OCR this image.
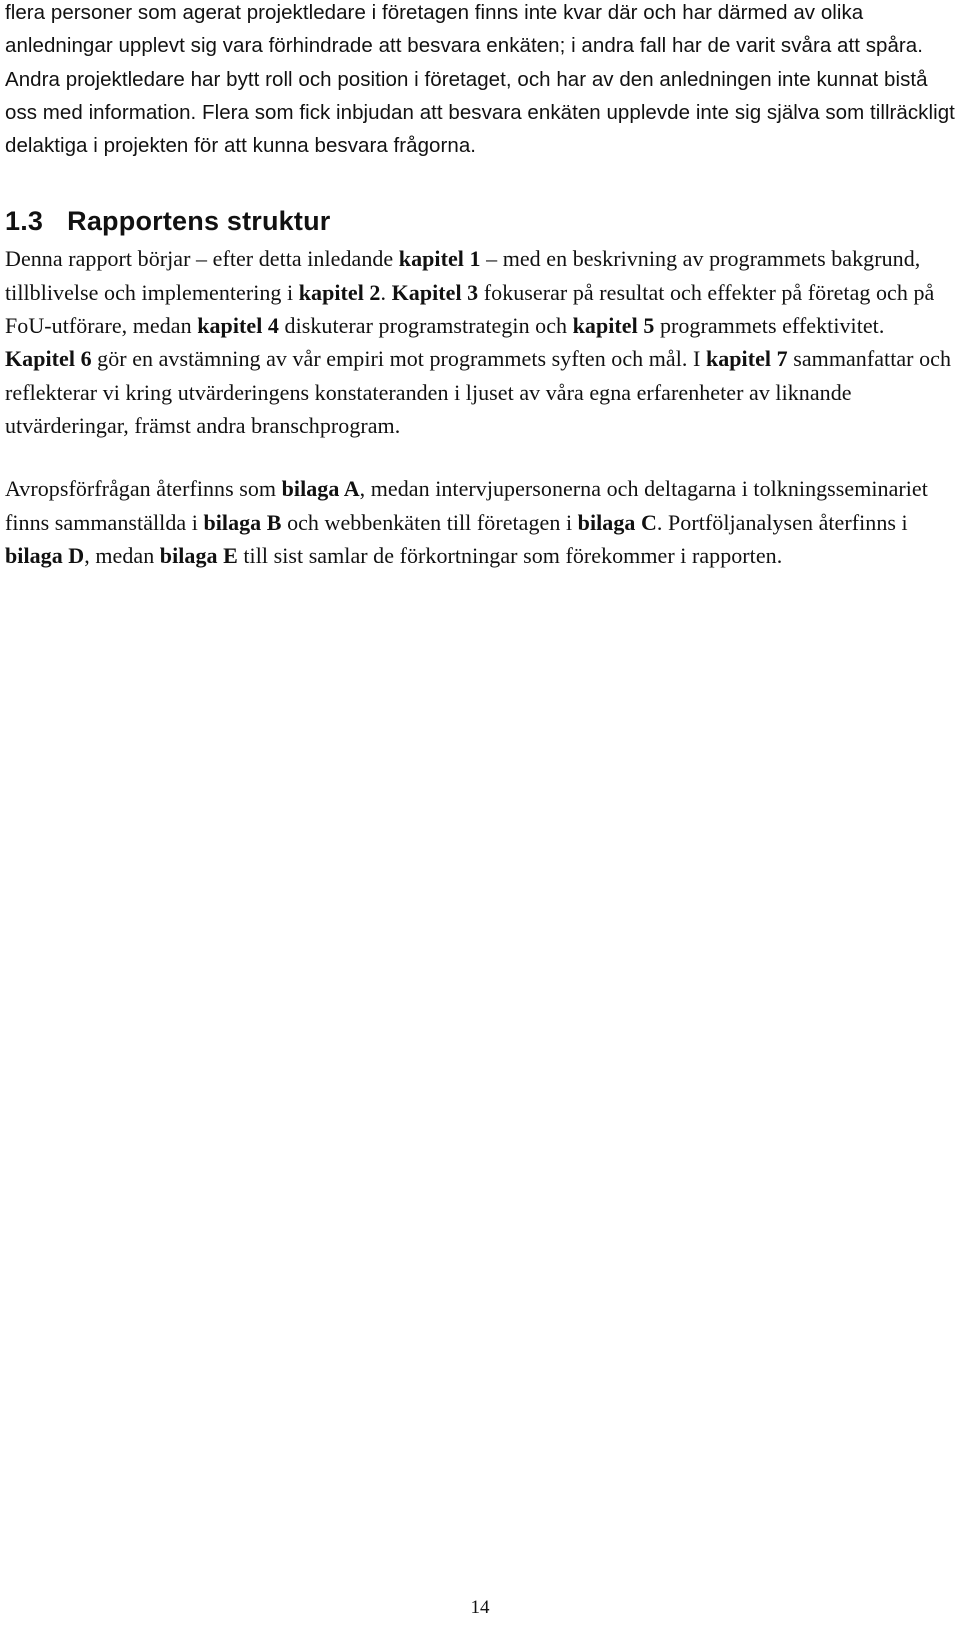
flera personer som agerat projektledare i företagen finns inte kvar där och har därmed av olika anledningar upplevt sig vara förhindrade att besvara enkäten; i andra fall har de varit svåra att spåra. Andra projektledare har bytt roll och position i företaget, och har av den anledningen inte kunnat bistå oss med information. Flera som fick inbjudan att besvara enkäten upplevde inte sig själva som tillräckligt delaktiga i projekten för att kunna besvara frågorna.

1.3 Rapportens struktur

Denna rapport börjar – efter detta inledande kapitel 1 – med en beskrivning av programmets bakgrund, tillblivelse och implementering i kapitel 2. Kapitel 3 fokuserar på resultat och effekter på företag och på FoU-utförare, medan kapitel 4 diskuterar programstrategin och kapitel 5 programmets effektivitet. Kapitel 6 gör en avstämning av vår empiri mot programmets syften och mål. I kapitel 7 sammanfattar och reflekterar vi kring utvärderingens konstateranden i ljuset av våra egna erfarenheter av liknande utvärderingar, främst andra branschprogram.

Avropsförfrågan återfinns som bilaga A, medan intervjupersonerna och deltagarna i tolkningsseminariet finns sammanställda i bilaga B och webbenkäten till företagen i bilaga C. Portföljanalysen återfinns i bilaga D, medan bilaga E till sist samlar de förkortningar som förekommer i rapporten.

14
